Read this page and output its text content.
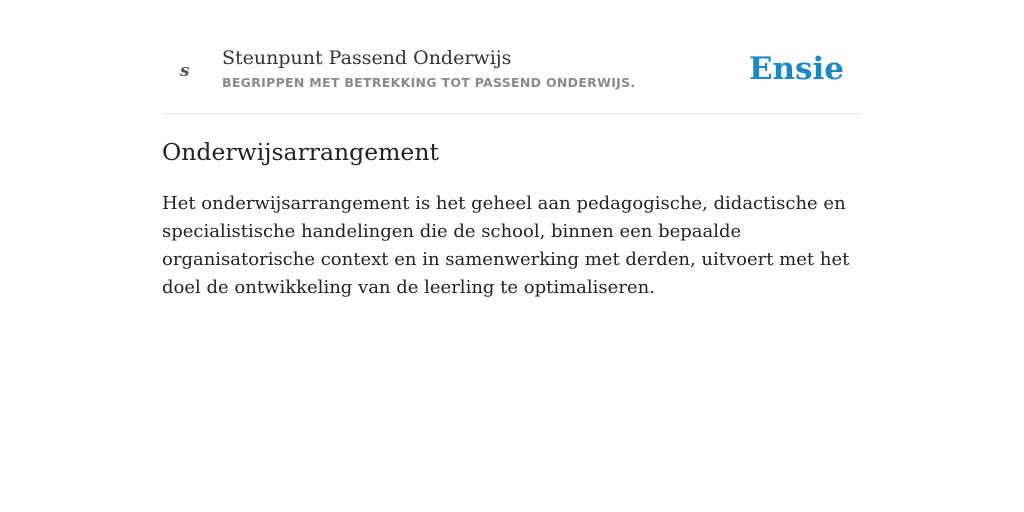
s
Steunpunt Passend Onderwijs
BEGRIPPEN MET BETREKKING TOT PASSEND ONDERWIJS.	Ensie
Onderwijsarrangement

Het onderwijsarrangement is het geheel aan pedagogische, didactische en specialistische handelingen die de school, binnen een bepaalde organisatorische context en in samenwerking met derden, uitvoert met het doel de ontwikkeling van de leerling te optimaliseren.
